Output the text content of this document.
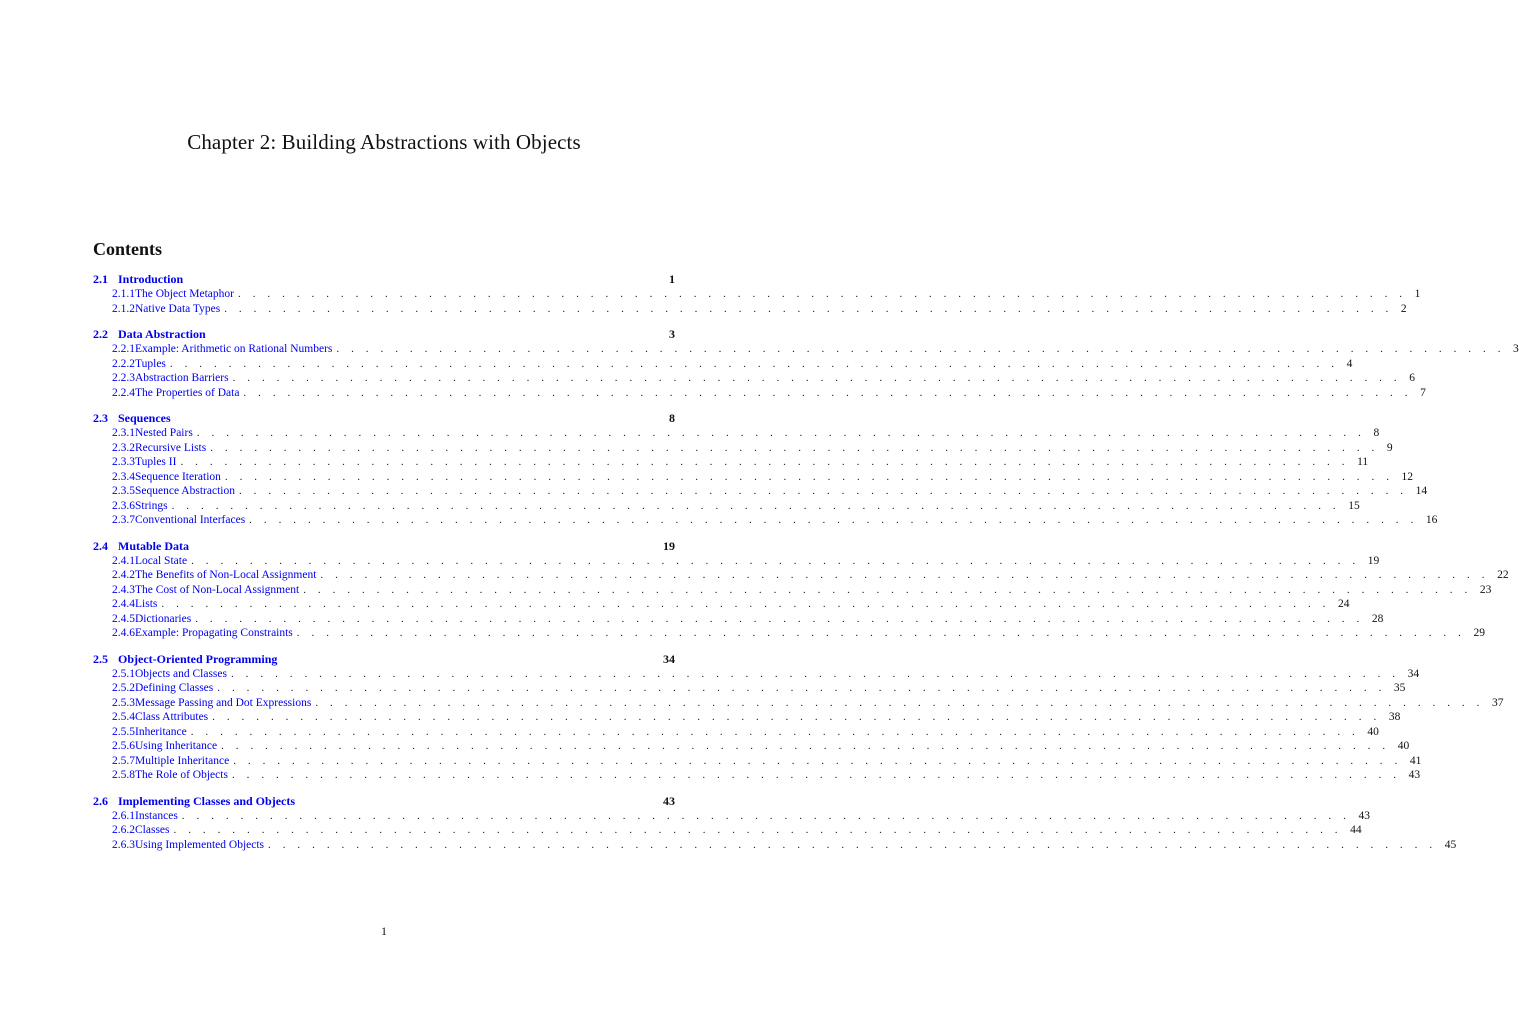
Chapter 2: Building Abstractions with Objects
Contents
2.1 Introduction	1
2.1.1 The Object Metaphor . . . . . . . . . . . . . . . . . . . . . . . . . . . . . . . . . . . . . . . . . . . . . . . . . . . . . . . . . . . . . . . . . . . . . . . . . . . . . . . . 1
2.1.2 Native Data Types . . . . . . . . . . . . . . . . . . . . . . . . . . . . . . . . . . . . . . . . . . . . . . . . . . . . . . . . . . . . . . . . . . . . . . . . . . . . . . . . 2
2.2 Data Abstraction	3
2.2.1 Example: Arithmetic on Rational Numbers . . . . . . . . . . . . . . . . . . . . . . . . . . . . . . . . . . . . . . . . . . . . . . . . . . . . . . . . . . . . . . . . . . . . . . . . . . . . . . . . 3
2.2.2 Tuples . . . . . . . . . . . . . . . . . . . . . . . . . . . . . . . . . . . . . . . . . . . . . . . . . . . . . . . . . . . . . . . . . . . . . . . . . . . . . . . . 4
2.2.3 Abstraction Barriers . . . . . . . . . . . . . . . . . . . . . . . . . . . . . . . . . . . . . . . . . . . . . . . . . . . . . . . . . . . . . . . . . . . . . . . . . . . . . . . . 6
2.2.4 The Properties of Data . . . . . . . . . . . . . . . . . . . . . . . . . . . . . . . . . . . . . . . . . . . . . . . . . . . . . . . . . . . . . . . . . . . . . . . . . . . . . . . . 7
2.3 Sequences	8
2.3.1 Nested Pairs . . . . . . . . . . . . . . . . . . . . . . . . . . . . . . . . . . . . . . . . . . . . . . . . . . . . . . . . . . . . . . . . . . . . . . . . . . . . . . . . 8
2.3.2 Recursive Lists . . . . . . . . . . . . . . . . . . . . . . . . . . . . . . . . . . . . . . . . . . . . . . . . . . . . . . . . . . . . . . . . . . . . . . . . . . . . . . . . 9
2.3.3 Tuples II . . . . . . . . . . . . . . . . . . . . . . . . . . . . . . . . . . . . . . . . . . . . . . . . . . . . . . . . . . . . . . . . . . . . . . . . . . . . . . . . 11
2.3.4 Sequence Iteration . . . . . . . . . . . . . . . . . . . . . . . . . . . . . . . . . . . . . . . . . . . . . . . . . . . . . . . . . . . . . . . . . . . . . . . . . . . . . . . . 12
2.3.5 Sequence Abstraction . . . . . . . . . . . . . . . . . . . . . . . . . . . . . . . . . . . . . . . . . . . . . . . . . . . . . . . . . . . . . . . . . . . . . . . . . . . . . . . . 14
2.3.6 Strings . . . . . . . . . . . . . . . . . . . . . . . . . . . . . . . . . . . . . . . . . . . . . . . . . . . . . . . . . . . . . . . . . . . . . . . . . . . . . . . . 15
2.3.7 Conventional Interfaces . . . . . . . . . . . . . . . . . . . . . . . . . . . . . . . . . . . . . . . . . . . . . . . . . . . . . . . . . . . . . . . . . . . . . . . . . . . . . . . . 16
2.4 Mutable Data	19
2.4.1 Local State . . . . . . . . . . . . . . . . . . . . . . . . . . . . . . . . . . . . . . . . . . . . . . . . . . . . . . . . . . . . . . . . . . . . . . . . . . . . . . . . 19
2.4.2 The Benefits of Non-Local Assignment . . . . . . . . . . . . . . . . . . . . . . . . . . . . . . . . . . . . . . . . . . . . . . . . . . . . . . . . . . . . . . . . . . . . . . . . . . . . . . . . 22
2.4.3 The Cost of Non-Local Assignment . . . . . . . . . . . . . . . . . . . . . . . . . . . . . . . . . . . . . . . . . . . . . . . . . . . . . . . . . . . . . . . . . . . . . . . . . . . . . . . . 23
2.4.4 Lists . . . . . . . . . . . . . . . . . . . . . . . . . . . . . . . . . . . . . . . . . . . . . . . . . . . . . . . . . . . . . . . . . . . . . . . . . . . . . . . . 24
2.4.5 Dictionaries . . . . . . . . . . . . . . . . . . . . . . . . . . . . . . . . . . . . . . . . . . . . . . . . . . . . . . . . . . . . . . . . . . . . . . . . . . . . . . . . 28
2.4.6 Example: Propagating Constraints . . . . . . . . . . . . . . . . . . . . . . . . . . . . . . . . . . . . . . . . . . . . . . . . . . . . . . . . . . . . . . . . . . . . . . . . . . . . . . . . 29
2.5 Object-Oriented Programming	34
2.5.1 Objects and Classes . . . . . . . . . . . . . . . . . . . . . . . . . . . . . . . . . . . . . . . . . . . . . . . . . . . . . . . . . . . . . . . . . . . . . . . . . . . . . . . . 34
2.5.2 Defining Classes . . . . . . . . . . . . . . . . . . . . . . . . . . . . . . . . . . . . . . . . . . . . . . . . . . . . . . . . . . . . . . . . . . . . . . . . . . . . . . . . 35
2.5.3 Message Passing and Dot Expressions . . . . . . . . . . . . . . . . . . . . . . . . . . . . . . . . . . . . . . . . . . . . . . . . . . . . . . . . . . . . . . . . . . . . . . . . . . . . . . . . 37
2.5.4 Class Attributes . . . . . . . . . . . . . . . . . . . . . . . . . . . . . . . . . . . . . . . . . . . . . . . . . . . . . . . . . . . . . . . . . . . . . . . . . . . . . . . . 38
2.5.5 Inheritance . . . . . . . . . . . . . . . . . . . . . . . . . . . . . . . . . . . . . . . . . . . . . . . . . . . . . . . . . . . . . . . . . . . . . . . . . . . . . . . . 40
2.5.6 Using Inheritance . . . . . . . . . . . . . . . . . . . . . . . . . . . . . . . . . . . . . . . . . . . . . . . . . . . . . . . . . . . . . . . . . . . . . . . . . . . . . . . . 40
2.5.7 Multiple Inheritance . . . . . . . . . . . . . . . . . . . . . . . . . . . . . . . . . . . . . . . . . . . . . . . . . . . . . . . . . . . . . . . . . . . . . . . . . . . . . . . . 41
2.5.8 The Role of Objects . . . . . . . . . . . . . . . . . . . . . . . . . . . . . . . . . . . . . . . . . . . . . . . . . . . . . . . . . . . . . . . . . . . . . . . . . . . . . . . . 43
2.6 Implementing Classes and Objects	43
2.6.1 Instances . . . . . . . . . . . . . . . . . . . . . . . . . . . . . . . . . . . . . . . . . . . . . . . . . . . . . . . . . . . . . . . . . . . . . . . . . . . . . . . . 43
2.6.2 Classes . . . . . . . . . . . . . . . . . . . . . . . . . . . . . . . . . . . . . . . . . . . . . . . . . . . . . . . . . . . . . . . . . . . . . . . . . . . . . . . . 44
2.6.3 Using Implemented Objects . . . . . . . . . . . . . . . . . . . . . . . . . . . . . . . . . . . . . . . . . . . . . . . . . . . . . . . . . . . . . . . . . . . . . . . . . . . . . . . . 45
1
